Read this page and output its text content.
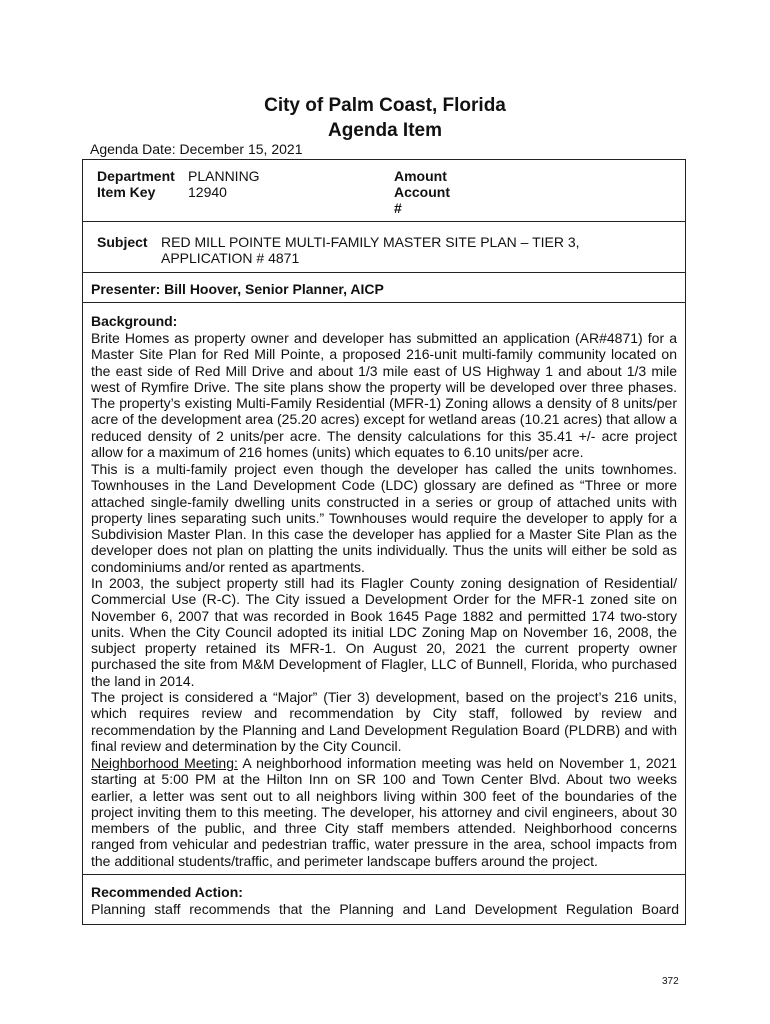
City of Palm Coast, Florida
Agenda Item
Agenda Date: December 15, 2021
Department PLANNING
Item Key 12940
Amount
Account
#
Subject RED MILL POINTE MULTI-FAMILY MASTER SITE PLAN – TIER 3,
APPLICATION # 4871
Presenter: Bill Hoover, Senior Planner, AICP
Background:
Brite Homes as property owner and developer has submitted an application (AR#4871) for a Master Site Plan for Red Mill Pointe, a proposed 216-unit multi-family community located on the east side of Red Mill Drive and about 1/3 mile east of US Highway 1 and about 1/3 mile west of Rymfire Drive. The site plans show the property will be developed over three phases. The property’s existing Multi-Family Residential (MFR-1) Zoning allows a density of 8 units/per acre of the development area (25.20 acres) except for wetland areas (10.21 acres) that allow a reduced density of 2 units/per acre. The density calculations for this 35.41 +/- acre project allow for a maximum of 216 homes (units) which equates to 6.10 units/per acre.
This is a multi-family project even though the developer has called the units townhomes. Townhouses in the Land Development Code (LDC) glossary are defined as “Three or more attached single-family dwelling units constructed in a series or group of attached units with property lines separating such units.” Townhouses would require the developer to apply for a Subdivision Master Plan. In this case the developer has applied for a Master Site Plan as the developer does not plan on platting the units individually. Thus the units will either be sold as condominiums and/or rented as apartments.
In 2003, the subject property still had its Flagler County zoning designation of Residential/ Commercial Use (R-C). The City issued a Development Order for the MFR-1 zoned site on November 6, 2007 that was recorded in Book 1645 Page 1882 and permitted 174 two-story units. When the City Council adopted its initial LDC Zoning Map on November 16, 2008, the subject property retained its MFR-1. On August 20, 2021 the current property owner purchased the site from M&M Development of Flagler, LLC of Bunnell, Florida, who purchased the land in 2014.
The project is considered a “Major” (Tier 3) development, based on the project’s 216 units, which requires review and recommendation by City staff, followed by review and recommendation by the Planning and Land Development Regulation Board (PLDRB) and with final review and determination by the City Council.
Neighborhood Meeting: A neighborhood information meeting was held on November 1, 2021 starting at 5:00 PM at the Hilton Inn on SR 100 and Town Center Blvd. About two weeks earlier, a letter was sent out to all neighbors living within 300 feet of the boundaries of the project inviting them to this meeting. The developer, his attorney and civil engineers, about 30 members of the public, and three City staff members attended. Neighborhood concerns ranged from vehicular and pedestrian traffic, water pressure in the area, school impacts from the additional students/traffic, and perimeter landscape buffers around the project.
Recommended Action:
Planning staff recommends that the Planning and Land Development Regulation Board
372
